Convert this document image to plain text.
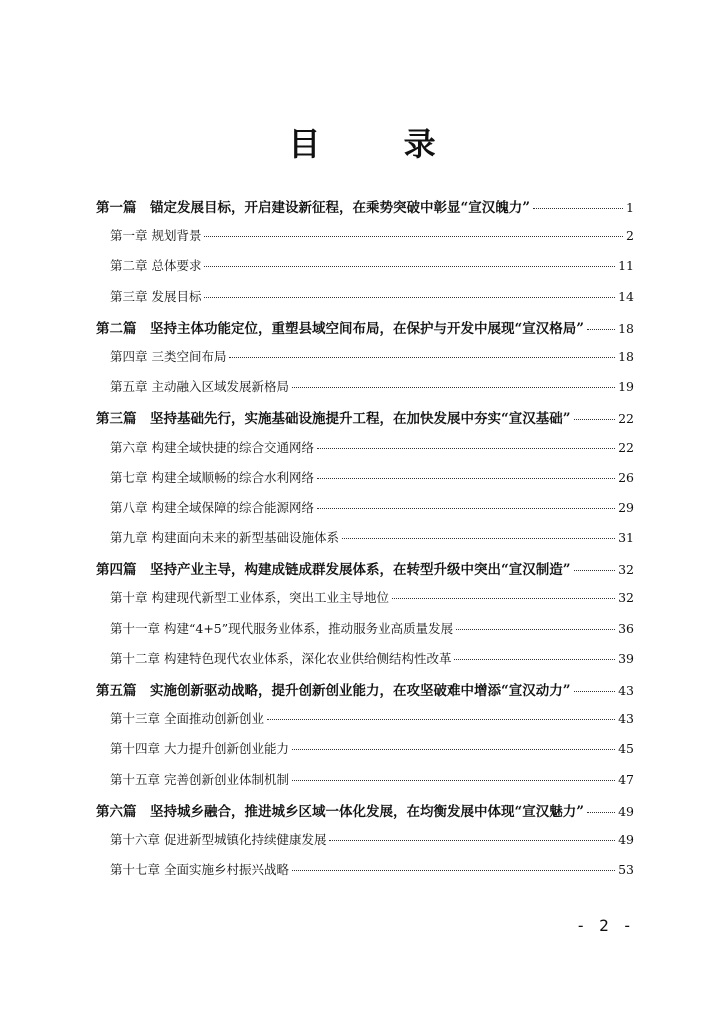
目 录
第一篇　锚定发展目标，开启建设新征程，在乘势突破中彰显“宣汉魄力”	1
第一章 规划背景	2
第二章 总体要求	11
第三章 发展目标	14
第二篇　坚持主体功能定位，重塑县域空间布局，在保护与开发中展现“宣汉格局”	18
第四章 三类空间布局	18
第五章 主动融入区域发展新格局	19
第三篇　坚持基础先行，实施基础设施提升工程，在加快发展中夯实“宣汉基础”	22
第六章 构建全域快捷的综合交通网络	22
第七章 构建全域顺畅的综合水利网络	26
第八章 构建全域保障的综合能源网络	29
第九章 构建面向未来的新型基础设施体系	31
第四篇　坚持产业主导，构建成链成群发展体系，在转型升级中突出“宣汉制造”	32
第十章 构建现代新型工业体系，突出工业主导地位	32
第十一章 构建“4+5”现代服务业体系，推动服务业高质量发展	36
第十二章 构建特色现代农业体系，深化农业供给侧结构性改革	39
第五篇　实施创新驱动战略，提升创新创业能力，在攻坚破难中增添“宣汉动力”	43
第十三章 全面推动创新创业	43
第十四章 大力提升创新创业能力	45
第十五章 完善创新创业体制机制	47
第六篇　坚持城乡融合，推进城乡区域一体化发展，在均衡发展中体现“宣汉魅力”	49
第十六章 促进新型城镇化持续健康发展	49
第十七章 全面实施乡村振兴战略	53
- 2 -
